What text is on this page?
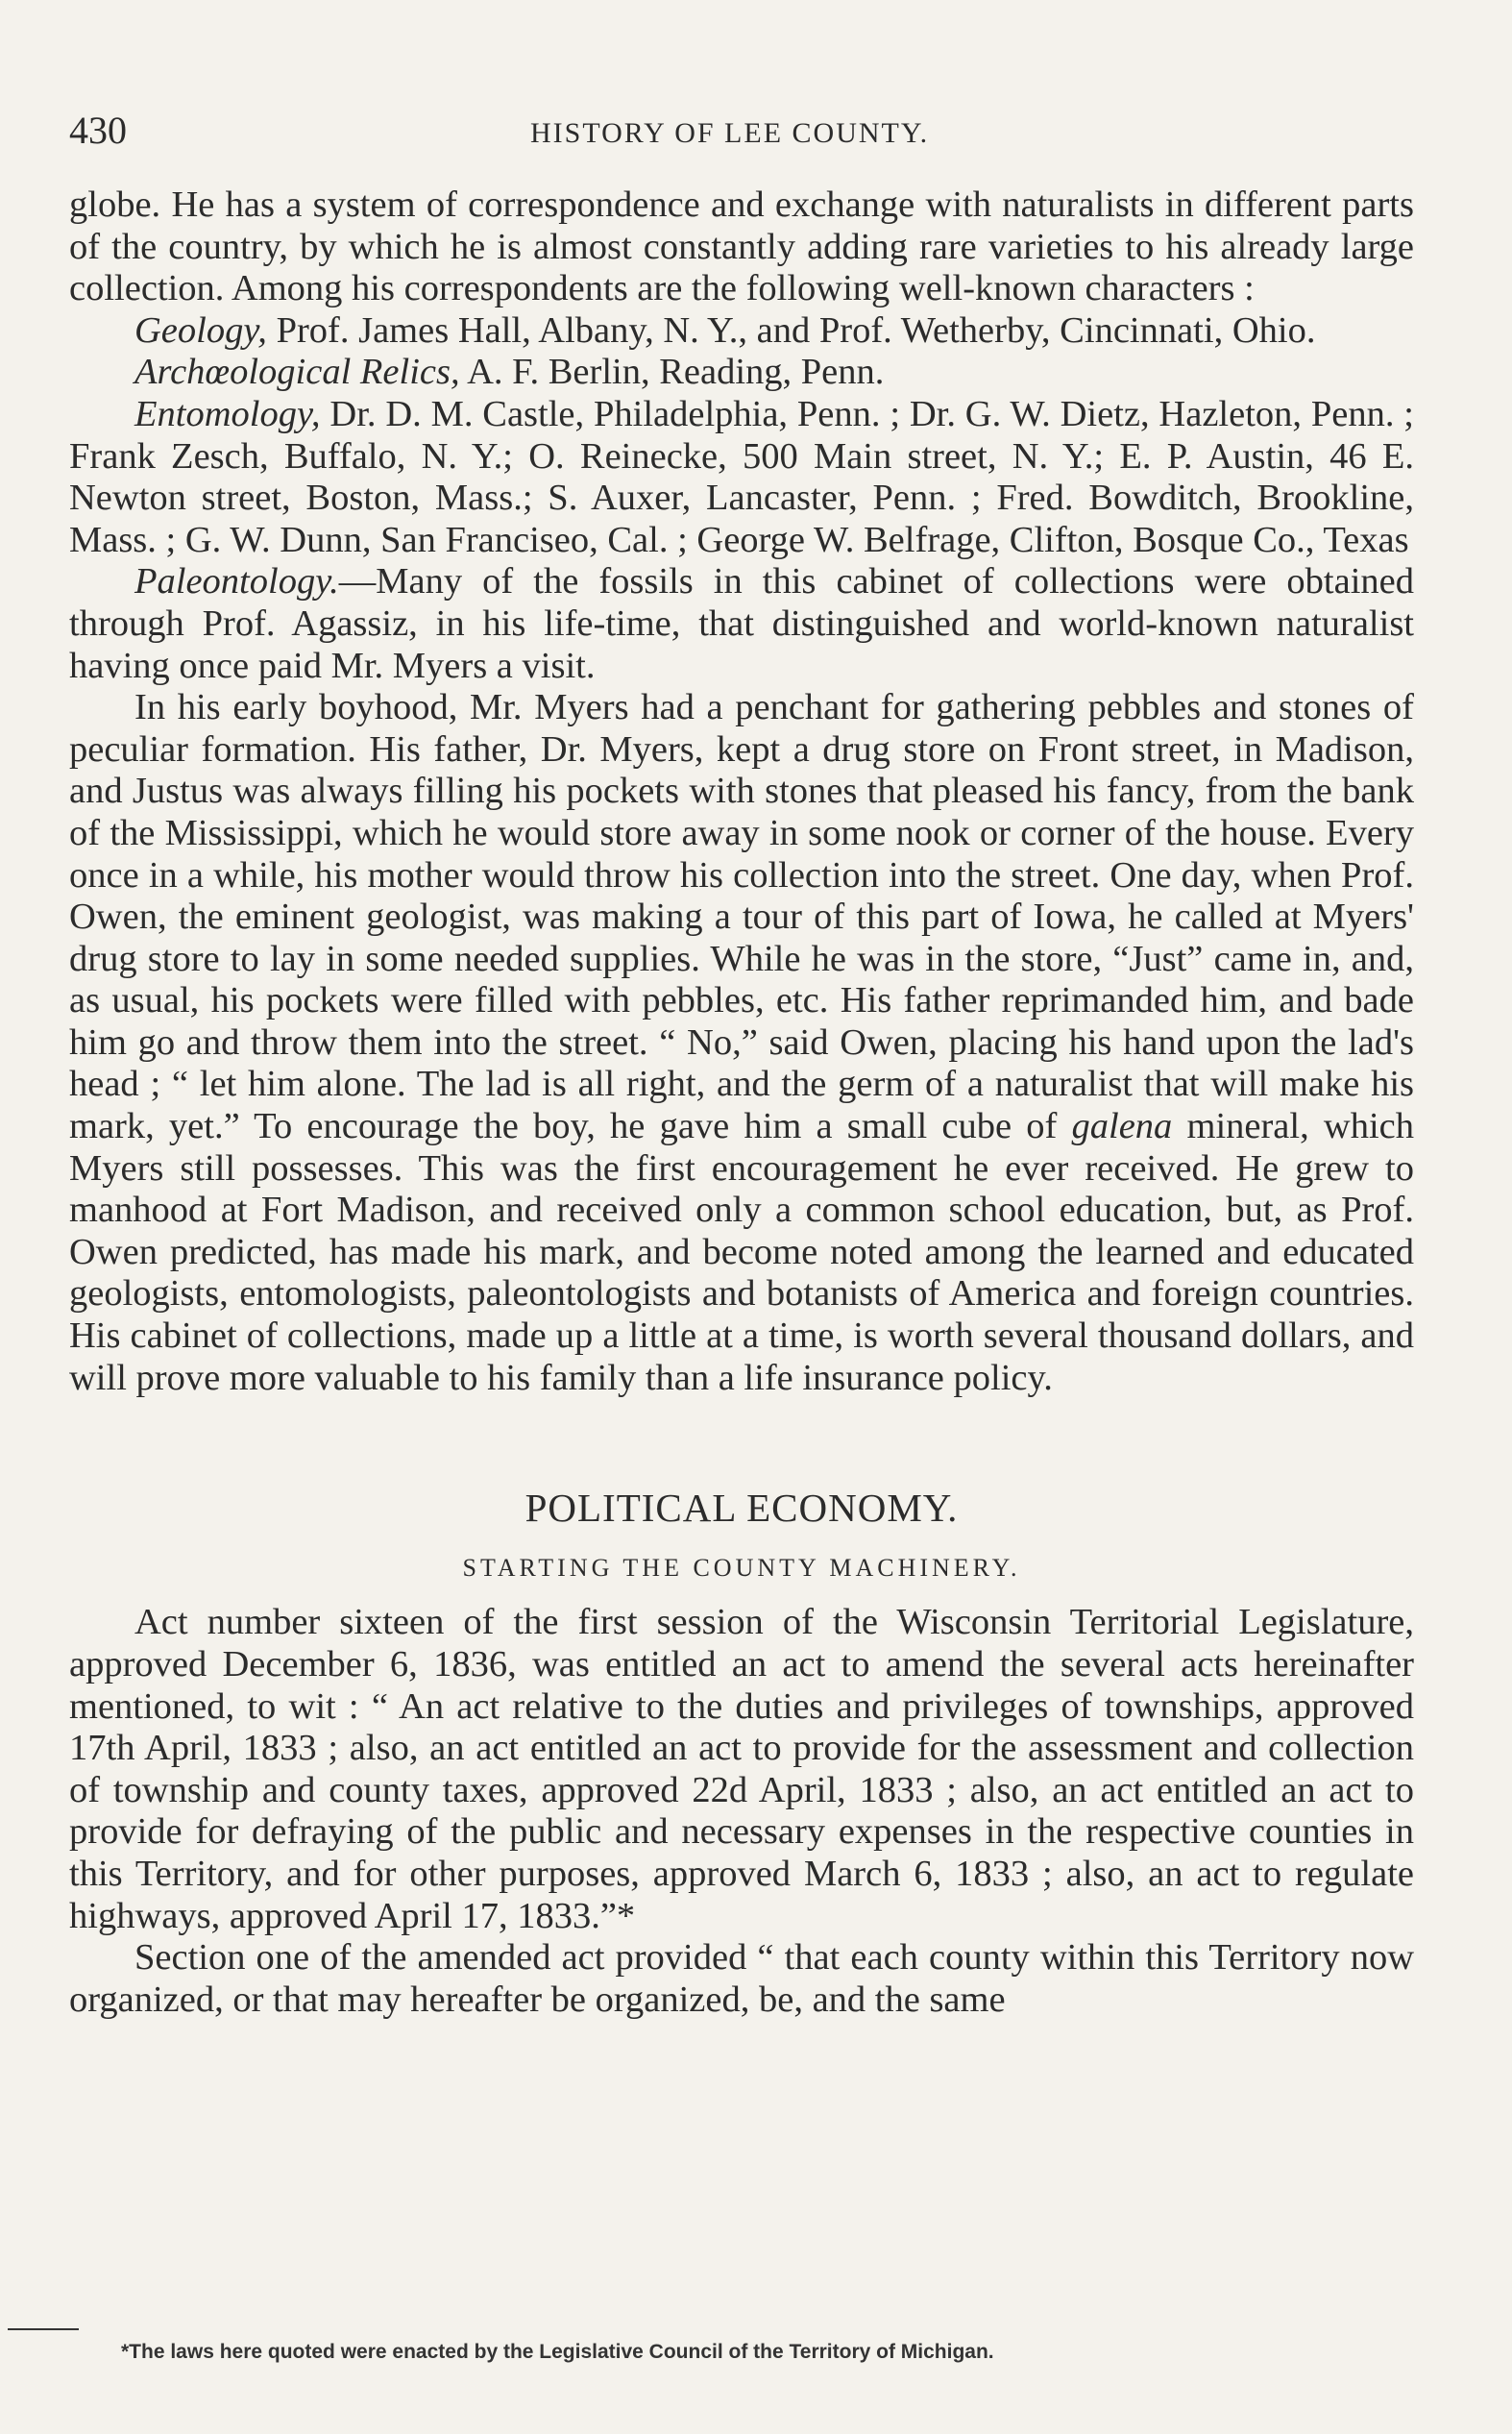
430	HISTORY OF LEE COUNTY.

globe. He has a system of correspondence and exchange with naturalists in different parts of the country, by which he is almost constantly adding rare varieties to his already large collection. Among his correspondents are the following well-known characters :

Geology, Prof. James Hall, Albany, N. Y., and Prof. Wetherby, Cincinnati, Ohio.

Archœological Relics, A. F. Berlin, Reading, Penn.

Entomology, Dr. D. M. Castle, Philadelphia, Penn. ; Dr. G. W. Dietz, Hazleton, Penn. ; Frank Zesch, Buffalo, N. Y.; O. Reinecke, 500 Main street, N. Y.; E. P. Austin, 46 E. Newton street, Boston, Mass.; S. Auxer, Lancaster, Penn. ; Fred. Bowditch, Brookline, Mass. ; G. W. Dunn, San Franciseo, Cal. ; George W. Belfrage, Clifton, Bosque Co., Texas

Paleontology.—Many of the fossils in this cabinet of collections were obtained through Prof. Agassiz, in his life-time, that distinguished and world-known naturalist having once paid Mr. Myers a visit.

In his early boyhood, Mr. Myers had a penchant for gathering pebbles and stones of peculiar formation. His father, Dr. Myers, kept a drug store on Front street, in Madison, and Justus was always filling his pockets with stones that pleased his fancy, from the bank of the Mississippi, which he would store away in some nook or corner of the house. Every once in a while, his mother would throw his collection into the street. One day, when Prof. Owen, the eminent geologist, was making a tour of this part of Iowa, he called at Myers' drug store to lay in some needed supplies. While he was in the store, “Just” came in, and, as usual, his pockets were filled with pebbles, etc. His father reprimanded him, and bade him go and throw them into the street. “ No,” said Owen, placing his hand upon the lad's head ; “ let him alone. The lad is all right, and the germ of a naturalist that will make his mark, yet.” To encourage the boy, he gave him a small cube of galena mineral, which Myers still possesses. This was the first encouragement he ever received. He grew to manhood at Fort Madison, and received only a common school education, but, as Prof. Owen predicted, has made his mark, and become noted among the learned and educated geologists, entomologists, paleontologists and botanists of America and foreign countries. His cabinet of collections, made up a little at a time, is worth several thousand dollars, and will prove more valuable to his family than a life insurance policy.

POLITICAL ECONOMY.
STARTING THE COUNTY MACHINERY.

Act number sixteen of the first session of the Wisconsin Territorial Legislature, approved December 6, 1836, was entitled an act to amend the several acts hereinafter mentioned, to wit : “ An act relative to the duties and privileges of townships, approved 17th April, 1833 ; also, an act entitled an act to provide for the assessment and collection of township and county taxes, approved 22d April, 1833 ; also, an act entitled an act to provide for defraying of the public and necessary expenses in the respective counties in this Territory, and for other purposes, approved March 6, 1833 ; also, an act to regulate highways, approved April 17, 1833.”*

Section one of the amended act provided “ that each county within this Territory now organized, or that may hereafter be organized, be, and the same

*The laws here quoted were enacted by the Legislative Council of the Territory of Michigan.
